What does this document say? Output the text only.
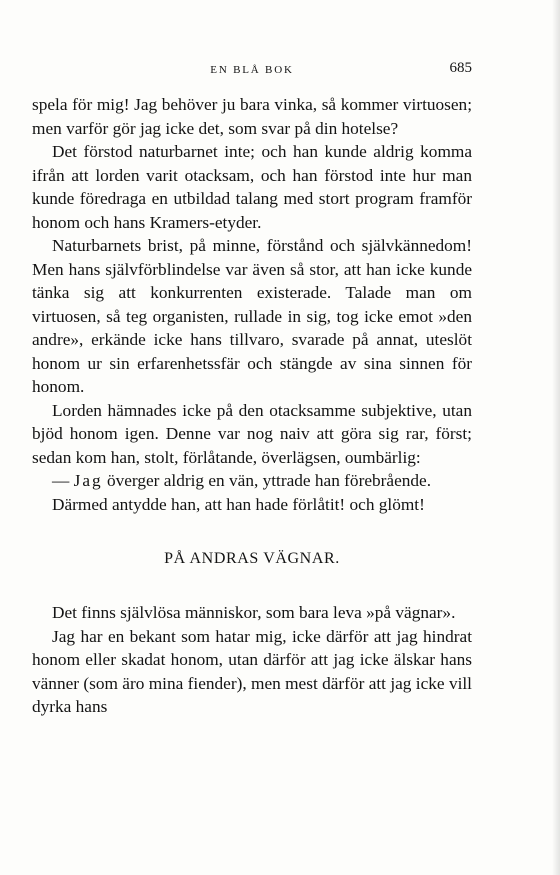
EN BLÅ BOK	685

spela för mig! Jag behöver ju bara vinka, så kommer virtuosen; men varför gör jag icke det, som svar på din hotelse?

Det förstod naturbarnet inte; och han kunde aldrig komma ifrån att lorden varit otacksam, och han förstod inte hur man kunde föredraga en utbildad talang med stort program framför honom och hans Kramers-etyder.

Naturbarnets brist, på minne, förstånd och självkännedom! Men hans självförblindelse var även så stor, att han icke kunde tänka sig att konkurrenten existerade. Talade man om virtuosen, så teg organisten, rullade in sig, tog icke emot »den andre», erkände icke hans tillvaro, svarade på annat, uteslöt honom ur sin erfarenhetssfär och stängde av sina sinnen för honom.

Lorden hämnades icke på den otacksamme subjektive, utan bjöd honom igen. Denne var nog naiv att göra sig rar, först; sedan kom han, stolt, förlåtande, överlägsen, oumbärlig:

— Jag överger aldrig en vän, yttrade han förebrående.

Därmed antydde han, att han hade förlåtit! och glömt!

PÅ ANDRAS VÄGNAR.

Det finns självlösa människor, som bara leva »på vägnar».

Jag har en bekant som hatar mig, icke därför att jag hindrat honom eller skadat honom, utan därför att jag icke älskar hans vänner (som äro mina fiender), men mest därför att jag icke vill dyrka hans
